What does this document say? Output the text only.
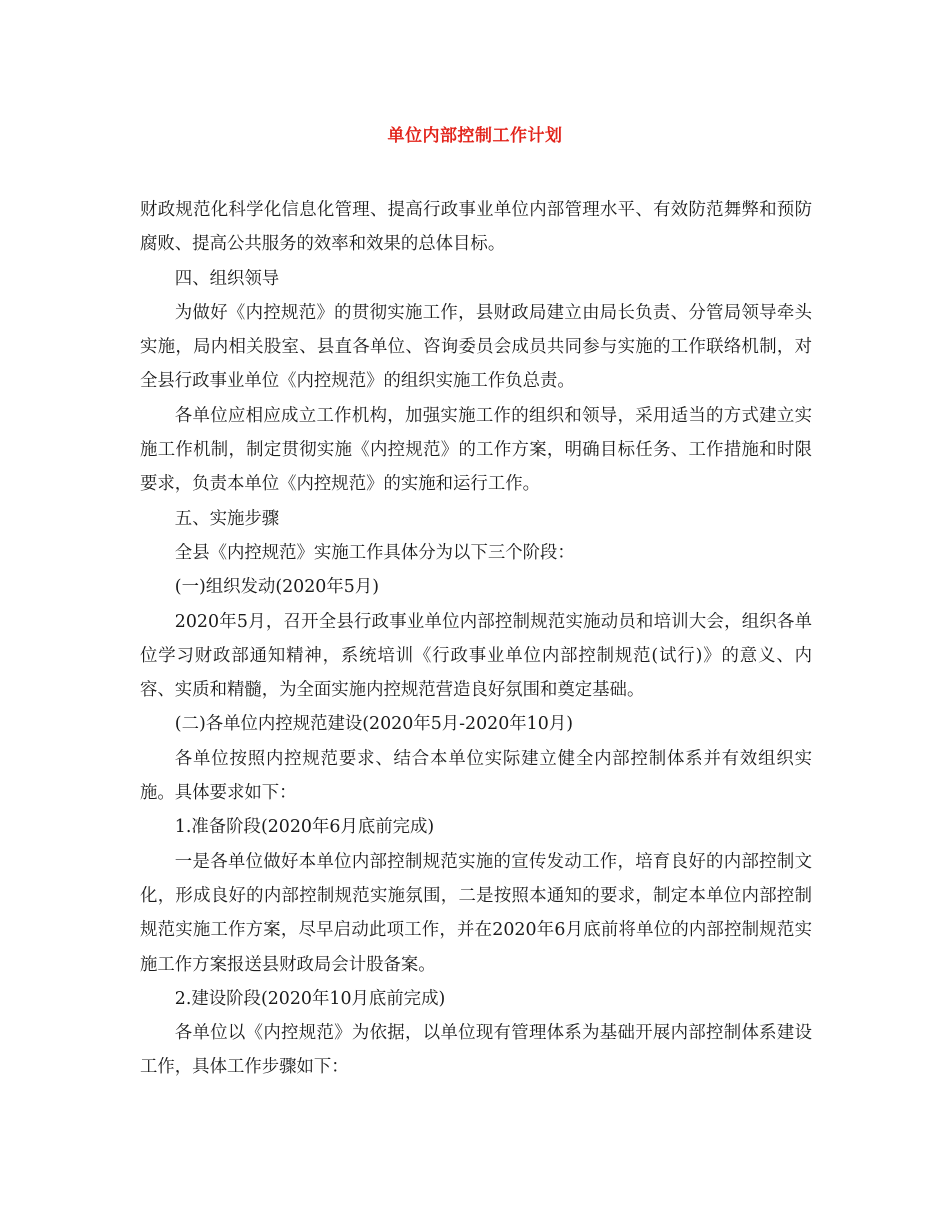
单位内部控制工作计划

财政规范化科学化信息化管理、提高行政事业单位内部管理水平、有效防范舞弊和预防腐败、提高公共服务的效率和效果的总体目标。

四、组织领导

为做好《内控规范》的贯彻实施工作，县财政局建立由局长负责、分管局领导牵头实施，局内相关股室、县直各单位、咨询委员会成员共同参与实施的工作联络机制，对全县行政事业单位《内控规范》的组织实施工作负总责。

各单位应相应成立工作机构，加强实施工作的组织和领导，采用适当的方式建立实施工作机制，制定贯彻实施《内控规范》的工作方案，明确目标任务、工作措施和时限要求，负责本单位《内控规范》的实施和运行工作。

五、实施步骤

全县《内控规范》实施工作具体分为以下三个阶段：

(一)组织发动(2020年5月)

2020年5月，召开全县行政事业单位内部控制规范实施动员和培训大会，组织各单位学习财政部通知精神，系统培训《行政事业单位内部控制规范(试行)》的意义、内容、实质和精髓，为全面实施内控规范营造良好氛围和奠定基础。

(二)各单位内控规范建设(2020年5月-2020年10月)

各单位按照内控规范要求、结合本单位实际建立健全内部控制体系并有效组织实施。具体要求如下：

1.准备阶段(2020年6月底前完成)

一是各单位做好本单位内部控制规范实施的宣传发动工作，培育良好的内部控制文化，形成良好的内部控制规范实施氛围，二是按照本通知的要求，制定本单位内部控制规范实施工作方案，尽早启动此项工作，并在2020年6月底前将单位的内部控制规范实施工作方案报送县财政局会计股备案。

2.建设阶段(2020年10月底前完成)

各单位以《内控规范》为依据，以单位现有管理体系为基础开展内部控制体系建设工作，具体工作步骤如下：
